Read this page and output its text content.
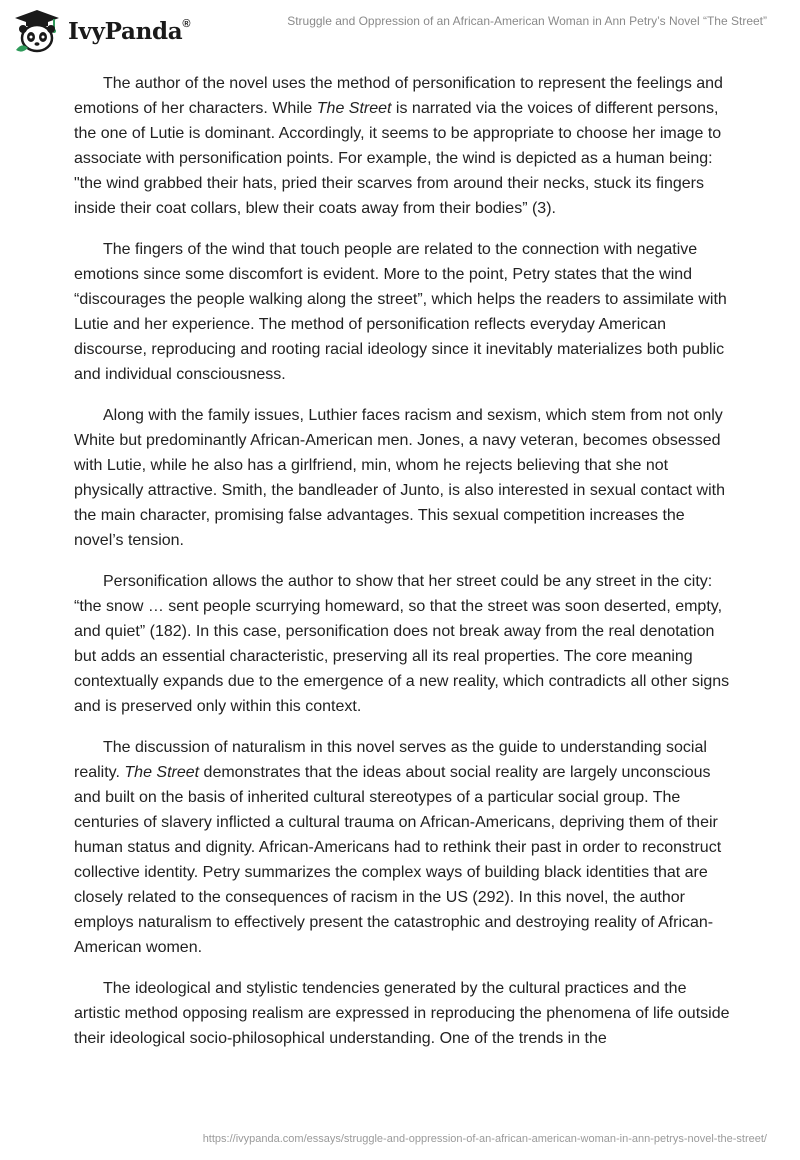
IvyPanda®	Struggle and Oppression of an African-American Woman in Ann Petry’s Novel “The Street”

The author of the novel uses the method of personification to represent the feelings and emotions of her characters. While The Street is narrated via the voices of different persons, the one of Lutie is dominant. Accordingly, it seems to be appropriate to choose her image to associate with personification points. For example, the wind is depicted as a human being: "the wind grabbed their hats, pried their scarves from around their necks, stuck its fingers inside their coat collars, blew their coats away from their bodies” (3).

The fingers of the wind that touch people are related to the connection with negative emotions since some discomfort is evident. More to the point, Petry states that the wind “discourages the people walking along the street”, which helps the readers to assimilate with Lutie and her experience. The method of personification reflects everyday American discourse, reproducing and rooting racial ideology since it inevitably materializes both public and individual consciousness.

Along with the family issues, Luthier faces racism and sexism, which stem from not only White but predominantly African-American men. Jones, a navy veteran, becomes obsessed with Lutie, while he also has a girlfriend, min, whom he rejects believing that she not physically attractive. Smith, the bandleader of Junto, is also interested in sexual contact with the main character, promising false advantages. This sexual competition increases the novel’s tension.

Personification allows the author to show that her street could be any street in the city: “the snow … sent people scurrying homeward, so that the street was soon deserted, empty, and quiet” (182). In this case, personification does not break away from the real denotation but adds an essential characteristic, preserving all its real properties. The core meaning contextually expands due to the emergence of a new reality, which contradicts all other signs and is preserved only within this context.

The discussion of naturalism in this novel serves as the guide to understanding social reality. The Street demonstrates that the ideas about social reality are largely unconscious and built on the basis of inherited cultural stereotypes of a particular social group. The centuries of slavery inflicted a cultural trauma on African-Americans, depriving them of their human status and dignity. African-Americans had to rethink their past in order to reconstruct collective identity. Petry summarizes the complex ways of building black identities that are closely related to the consequences of racism in the US (292). In this novel, the author employs naturalism to effectively present the catastrophic and destroying reality of African-American women.

The ideological and stylistic tendencies generated by the cultural practices and the artistic method opposing realism are expressed in reproducing the phenomena of life outside their ideological socio-philosophical understanding. One of the trends in the

https://ivypanda.com/essays/struggle-and-oppression-of-an-african-american-woman-in-ann-petrys-novel-the-street/
